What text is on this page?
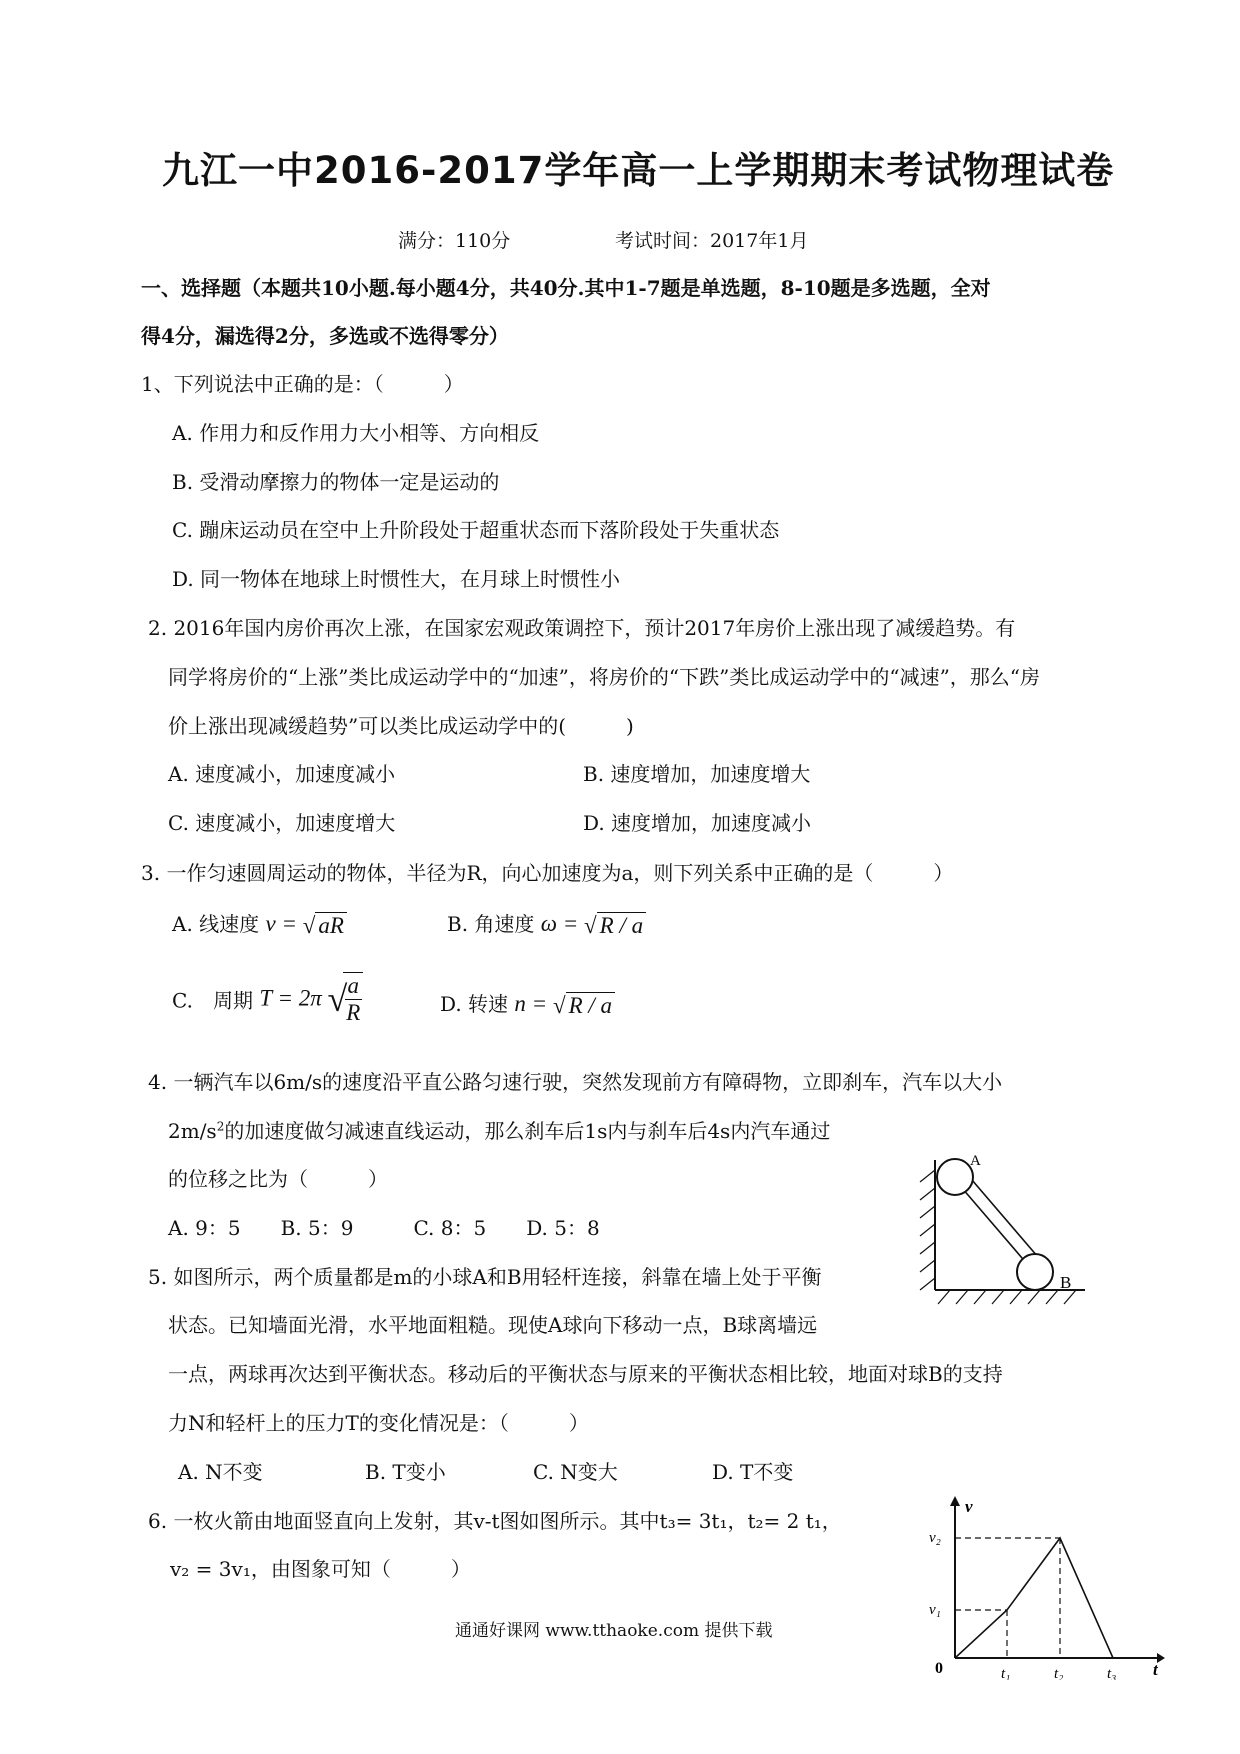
九江一中2016-2017学年高一上学期期末考试物理试卷
满分：110分	考试时间：2017年1月
一、选择题（本题共10小题.每小题4分，共40分.其中1-7题是单选题，8-10题是多选题，全对
得4分，漏选得2分，多选或不选得零分）
1、下列说法中正确的是：（　　　）
A. 作用力和反作用力大小相等、方向相反
B. 受滑动摩擦力的物体一定是运动的
C. 蹦床运动员在空中上升阶段处于超重状态而下落阶段处于失重状态
D. 同一物体在地球上时惯性大，在月球上时惯性小
2. 2016年国内房价再次上涨，在国家宏观政策调控下，预计2017年房价上涨出现了减缓趋势。有
同学将房价的“上涨”类比成运动学中的“加速”，将房价的“下跌”类比成运动学中的“减速”，那么“房
价上涨出现减缓趋势”可以类比成运动学中的(　　　)
A. 速度减小，加速度减小	B. 速度增加，加速度增大
C. 速度减小，加速度增大	D. 速度增加，加速度减小
3. 一作匀速圆周运动的物体，半径为R，向心加速度为a，则下列关系中正确的是（　　　）
A. 线速度 v = √ aR	B. 角速度 ω = √ R / a
C.　周期 T = 2π √
$\frac{a}{R}$	D. 转速 n = √ R / a
4. 一辆汽车以6m/s的速度沿平直公路匀速行驶，突然发现前方有障碍物，立即刹车，汽车以大小
$2m/s^2$的加速度做匀减速直线运动，那么刹车后1s内与刹车后4s内汽车通过
的位移之比为（　　　）
A. 9：5　　B. 5：9　　　C. 8：5　　D. 5：8
5. 如图所示，两个质量都是m的小球A和B用轻杆连接，斜靠在墙上处于平衡
状态。已知墙面光滑，水平地面粗糙。现使A球向下移动一点，B球离墙远
一点，两球再次达到平衡状态。移动后的平衡状态与原来的平衡状态相比较，地面对球B的支持
力N和轻杆上的压力T的变化情况是：（　　　）
A. N不变	B. T变小	C. N变大	D. T不变
A
B
6. 一枚火箭由地面竖直向上发射，其v-t图如图所示。其中t₃= 3t₁，t₂= 2 t₁，
v₂ = 3v₁，由图象可知（　　　）
v
t
0
v₁
v₂
t₁	t₂	t₃
通通好课网 www.tthaoke.com 提供下载
